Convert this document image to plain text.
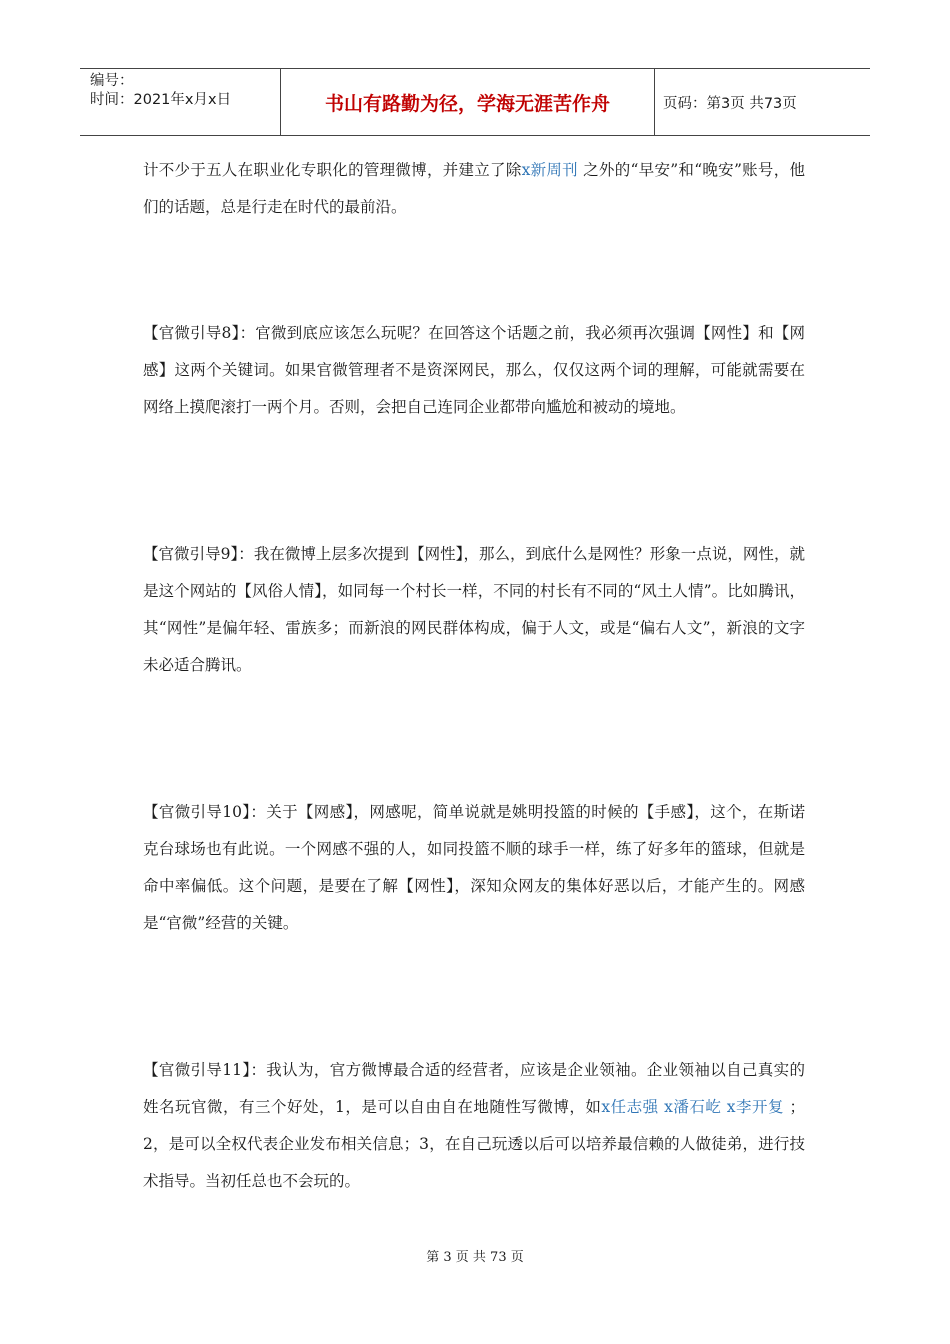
编号：
时间：2021年x月x日	书山有路勤为径，学海无涯苦作舟	页码：第3页 共73页

计不少于五人在职业化专职化的管理微博，并建立了除x新周刊 之外的“早安”和“晚安”账号，他们的话题，总是行走在时代的最前沿。

【官微引导8】：官微到底应该怎么玩呢？在回答这个话题之前，我必须再次强调【网性】和【网感】这两个关键词。如果官微管理者不是资深网民，那么，仅仅这两个词的理解，可能就需要在网络上摸爬滚打一两个月。否则，会把自己连同企业都带向尴尬和被动的境地。

【官微引导9】：我在微博上层多次提到【网性】，那么，到底什么是网性？形象一点说，网性，就是这个网站的【风俗人情】，如同每一个村长一样，不同的村长有不同的“风土人情”。比如腾讯，其“网性”是偏年轻、雷族多；而新浪的网民群体构成，偏于人文，或是“偏右人文”，新浪的文字未必适合腾讯。

【官微引导10】：关于【网感】，网感呢，简单说就是姚明投篮的时候的【手感】，这个，在斯诺克台球场也有此说。一个网感不强的人，如同投篮不顺的球手一样，练了好多年的篮球，但就是命中率偏低。这个问题，是要在了解【网性】，深知众网友的集体好恶以后，才能产生的。网感是“官微”经营的关键。

【官微引导11】：我认为，官方微博最合适的经营者，应该是企业领袖。企业领袖以自己真实的姓名玩官微，有三个好处，1，是可以自由自在地随性写微博，如x任志强 x潘石屹 x李开复 ；2，是可以全权代表企业发布相关信息；3，在自己玩透以后可以培养最信赖的人做徒弟，进行技术指导。当初任总也不会玩的。

第 3 页 共 73 页
